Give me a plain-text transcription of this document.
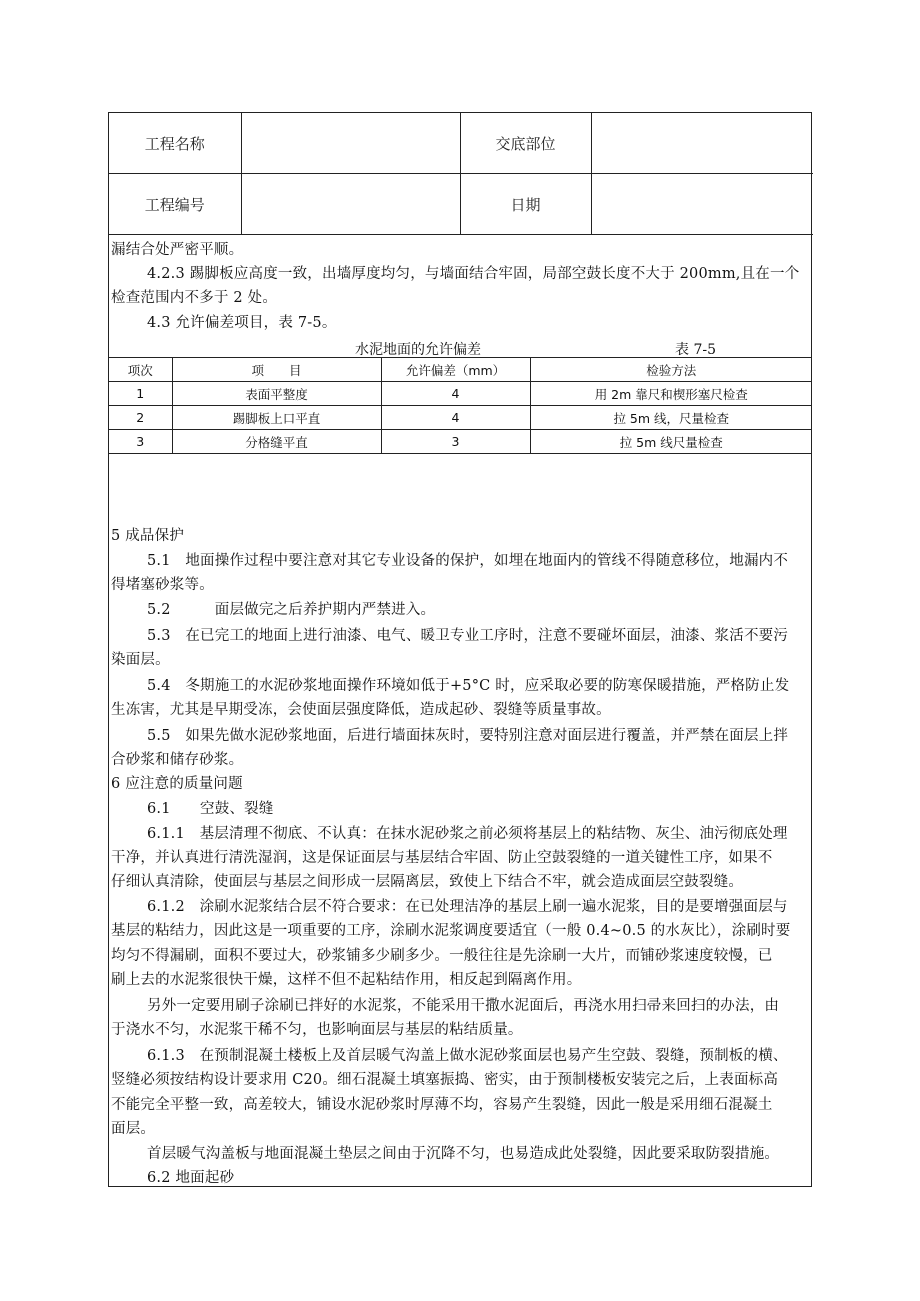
工程名称		交底部位	
工程编号		日期	
漏结合处严密平顺。
4.2.3 踢脚板应高度一致，出墙厚度均匀，与墙面结合牢固，局部空鼓长度不大于 200mm,且在一个
检查范围内不多于 2 处。
4.3 允许偏差项目，表 7-5。
水泥地面的允许偏差	表 7-5
项次	项　　目	允许偏差（mm）	检验方法
1	表面平整度	4	用 2m 靠尺和楔形塞尺检查
2	踢脚板上口平直	4	拉 5m 线，尺量检查
3	分格缝平直	3	拉 5m 线尺量检查
5 成品保护
5.1　地面操作过程中要注意对其它专业设备的保护，如埋在地面内的管线不得随意移位，地漏内不
得堵塞砂浆等。
5.2　　　面层做完之后养护期内严禁进入。
5.3　在已完工的地面上进行油漆、电气、暖卫专业工序时，注意不要碰坏面层，油漆、浆活不要污
染面层。
5.4　冬期施工的水泥砂浆地面操作环境如低于+5°C 时，应采取必要的防寒保暖措施，严格防止发
生冻害，尤其是早期受冻，会使面层强度降低，造成起砂、裂缝等质量事故。
5.5　如果先做水泥砂浆地面，后进行墙面抹灰时，要特别注意对面层进行覆盖，并严禁在面层上拌
合砂浆和储存砂浆。
6 应注意的质量问题
6.1　　空鼓、裂缝
6.1.1　基层清理不彻底、不认真：在抹水泥砂浆之前必须将基层上的粘结物、灰尘、油污彻底处理
干净，并认真进行清洗湿润，这是保证面层与基层结合牢固、防止空鼓裂缝的一道关键性工序，如果不
仔细认真清除，使面层与基层之间形成一层隔离层，致使上下结合不牢，就会造成面层空鼓裂缝。
6.1.2　涂刷水泥浆结合层不符合要求：在已处理洁净的基层上刷一遍水泥浆，目的是要增强面层与
基层的粘结力，因此这是一项重要的工序，涂刷水泥浆调度要适宜（一般 0.4~0.5 的水灰比），涂刷时要
均匀不得漏刷，面积不要过大，砂浆铺多少刷多少。一般往往是先涂刷一大片，而铺砂浆速度较慢，已
刷上去的水泥浆很快干燥，这样不但不起粘结作用，相反起到隔离作用。
另外一定要用刷子涂刷已拌好的水泥浆，不能采用干撒水泥面后，再浇水用扫帚来回扫的办法，由
于浇水不匀，水泥浆干稀不匀，也影响面层与基层的粘结质量。
6.1.3　在预制混凝土楼板上及首层暖气沟盖上做水泥砂浆面层也易产生空鼓、裂缝，预制板的横、
竖缝必须按结构设计要求用 C20。细石混凝土填塞振捣、密实，由于预制楼板安装完之后，上表面标高
不能完全平整一致，高差较大，铺设水泥砂浆时厚薄不均，容易产生裂缝，因此一般是采用细石混凝土
面层。
首层暖气沟盖板与地面混凝土垫层之间由于沉降不匀，也易造成此处裂缝，因此要采取防裂措施。
6.2 地面起砂
